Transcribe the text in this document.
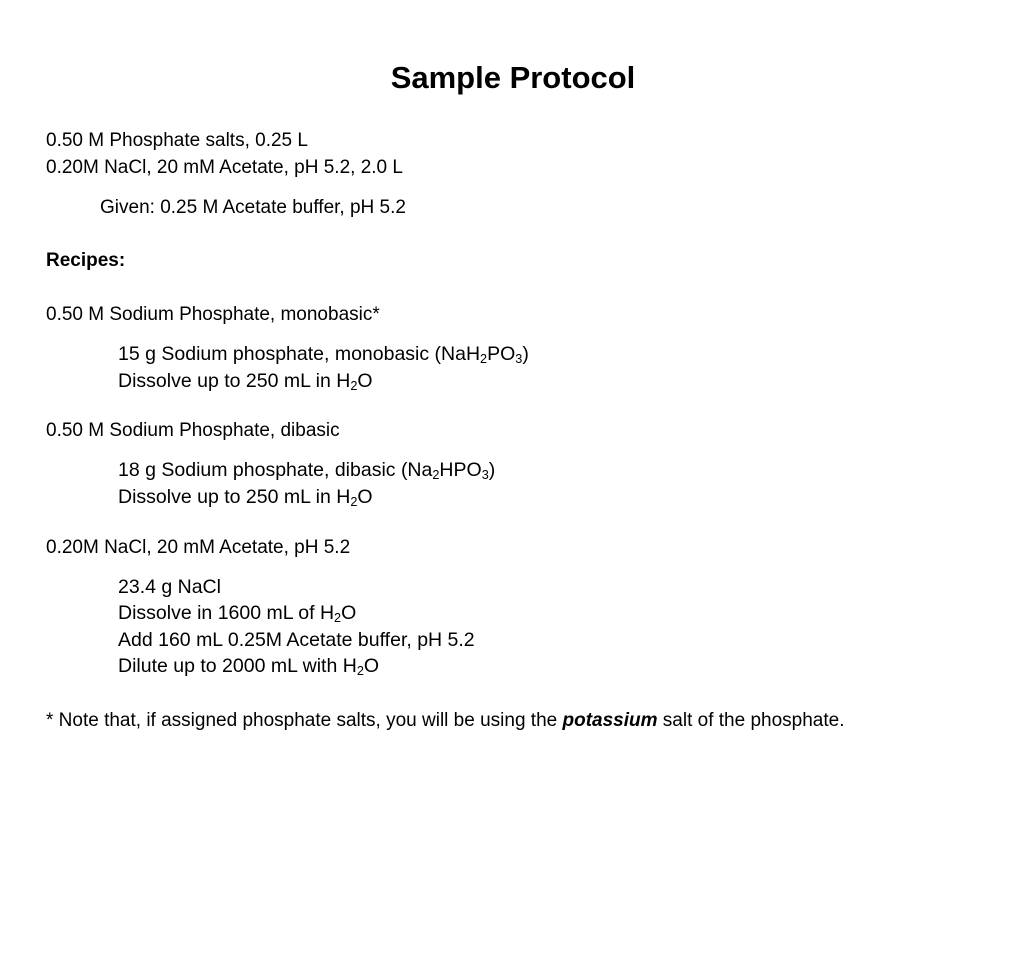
Sample Protocol
0.50 M Phosphate salts, 0.25 L
0.20M NaCl, 20 mM Acetate, pH 5.2, 2.0 L
Given: 0.25 M Acetate buffer, pH 5.2
Recipes:
0.50 M Sodium Phosphate, monobasic*
15 g Sodium phosphate, monobasic $(NaH_2PO_3)$
Dissolve up to 250 mL in $H_2O$
0.50 M Sodium Phosphate, dibasic
18 g Sodium phosphate, dibasic $(Na_2HPO_3)$
Dissolve up to 250 mL in $H_2O$
0.20M NaCl, 20 mM Acetate, pH 5.2
23.4 g NaCl
Dissolve in 1600 mL of $H_2O$
Add 160 mL 0.25M Acetate buffer, pH 5.2
Dilute up to 2000 mL with $H_2O$
* Note that, if assigned phosphate salts, you will be using the potassium salt of the phosphate.
